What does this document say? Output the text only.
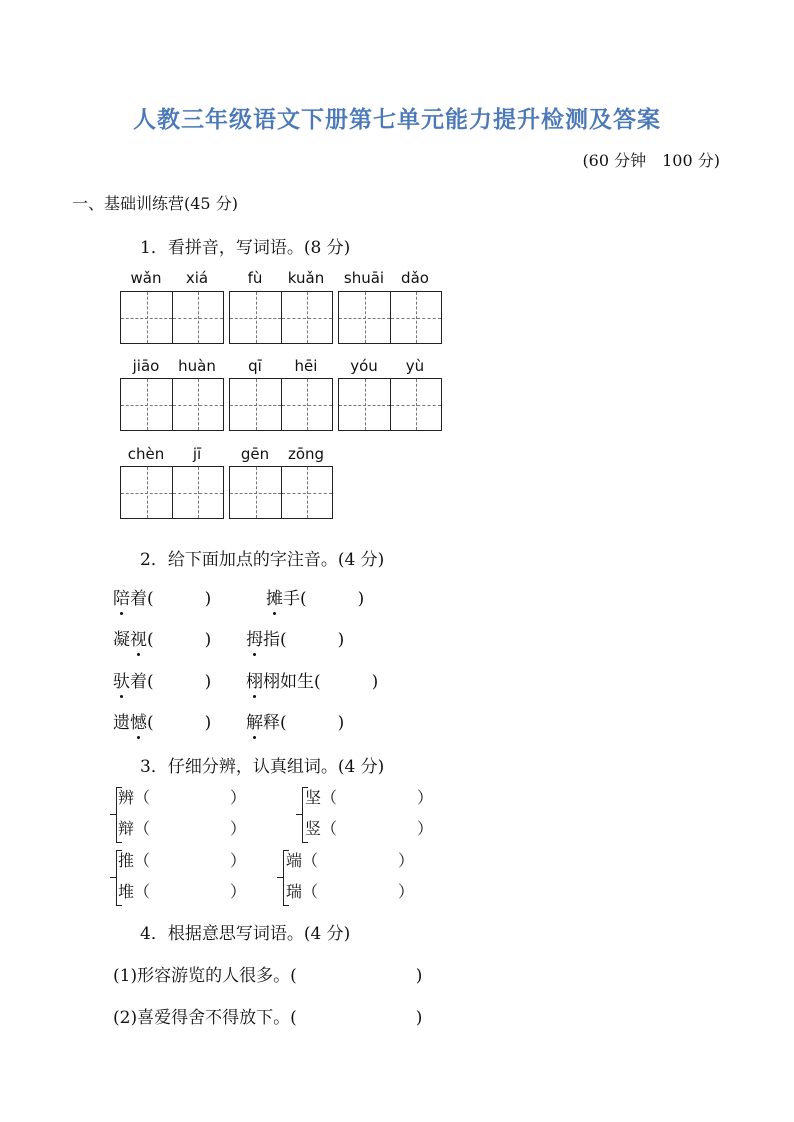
人教三年级语文下册第七单元能力提升检测及答案
(60 分钟　100 分)
一、基础训练营(45 分)
1．看拼音，写词语。(8 分)
wǎn	xiá	fù	kuǎn	shuāi	dǎo
jiāo	huàn	qī	hēi	yóu	yù
chèn	jī	gēn	zōng
2．给下面加点的字注音。(4 分)
陪着(　　　)	摊手(　　　)
凝视(　　　) 拇指(　　　)
驮着(　　　) 栩栩如生(　　　)
遗憾(　　　) 解释(　　　)
3．仔细分辨，认真组词。(4 分)
辨（　　　　　）
辩（　　　　　）
坚（　　　　　）
竖（　　　　　）
推（　　　　　）
堆（　　　　　）
端（　　　　　）
瑞（　　　　　）
4．根据意思写词语。(4 分)
(1)形容游览的人很多。(　　　　　　　)
(2)喜爱得舍不得放下。(　　　　　　　)
